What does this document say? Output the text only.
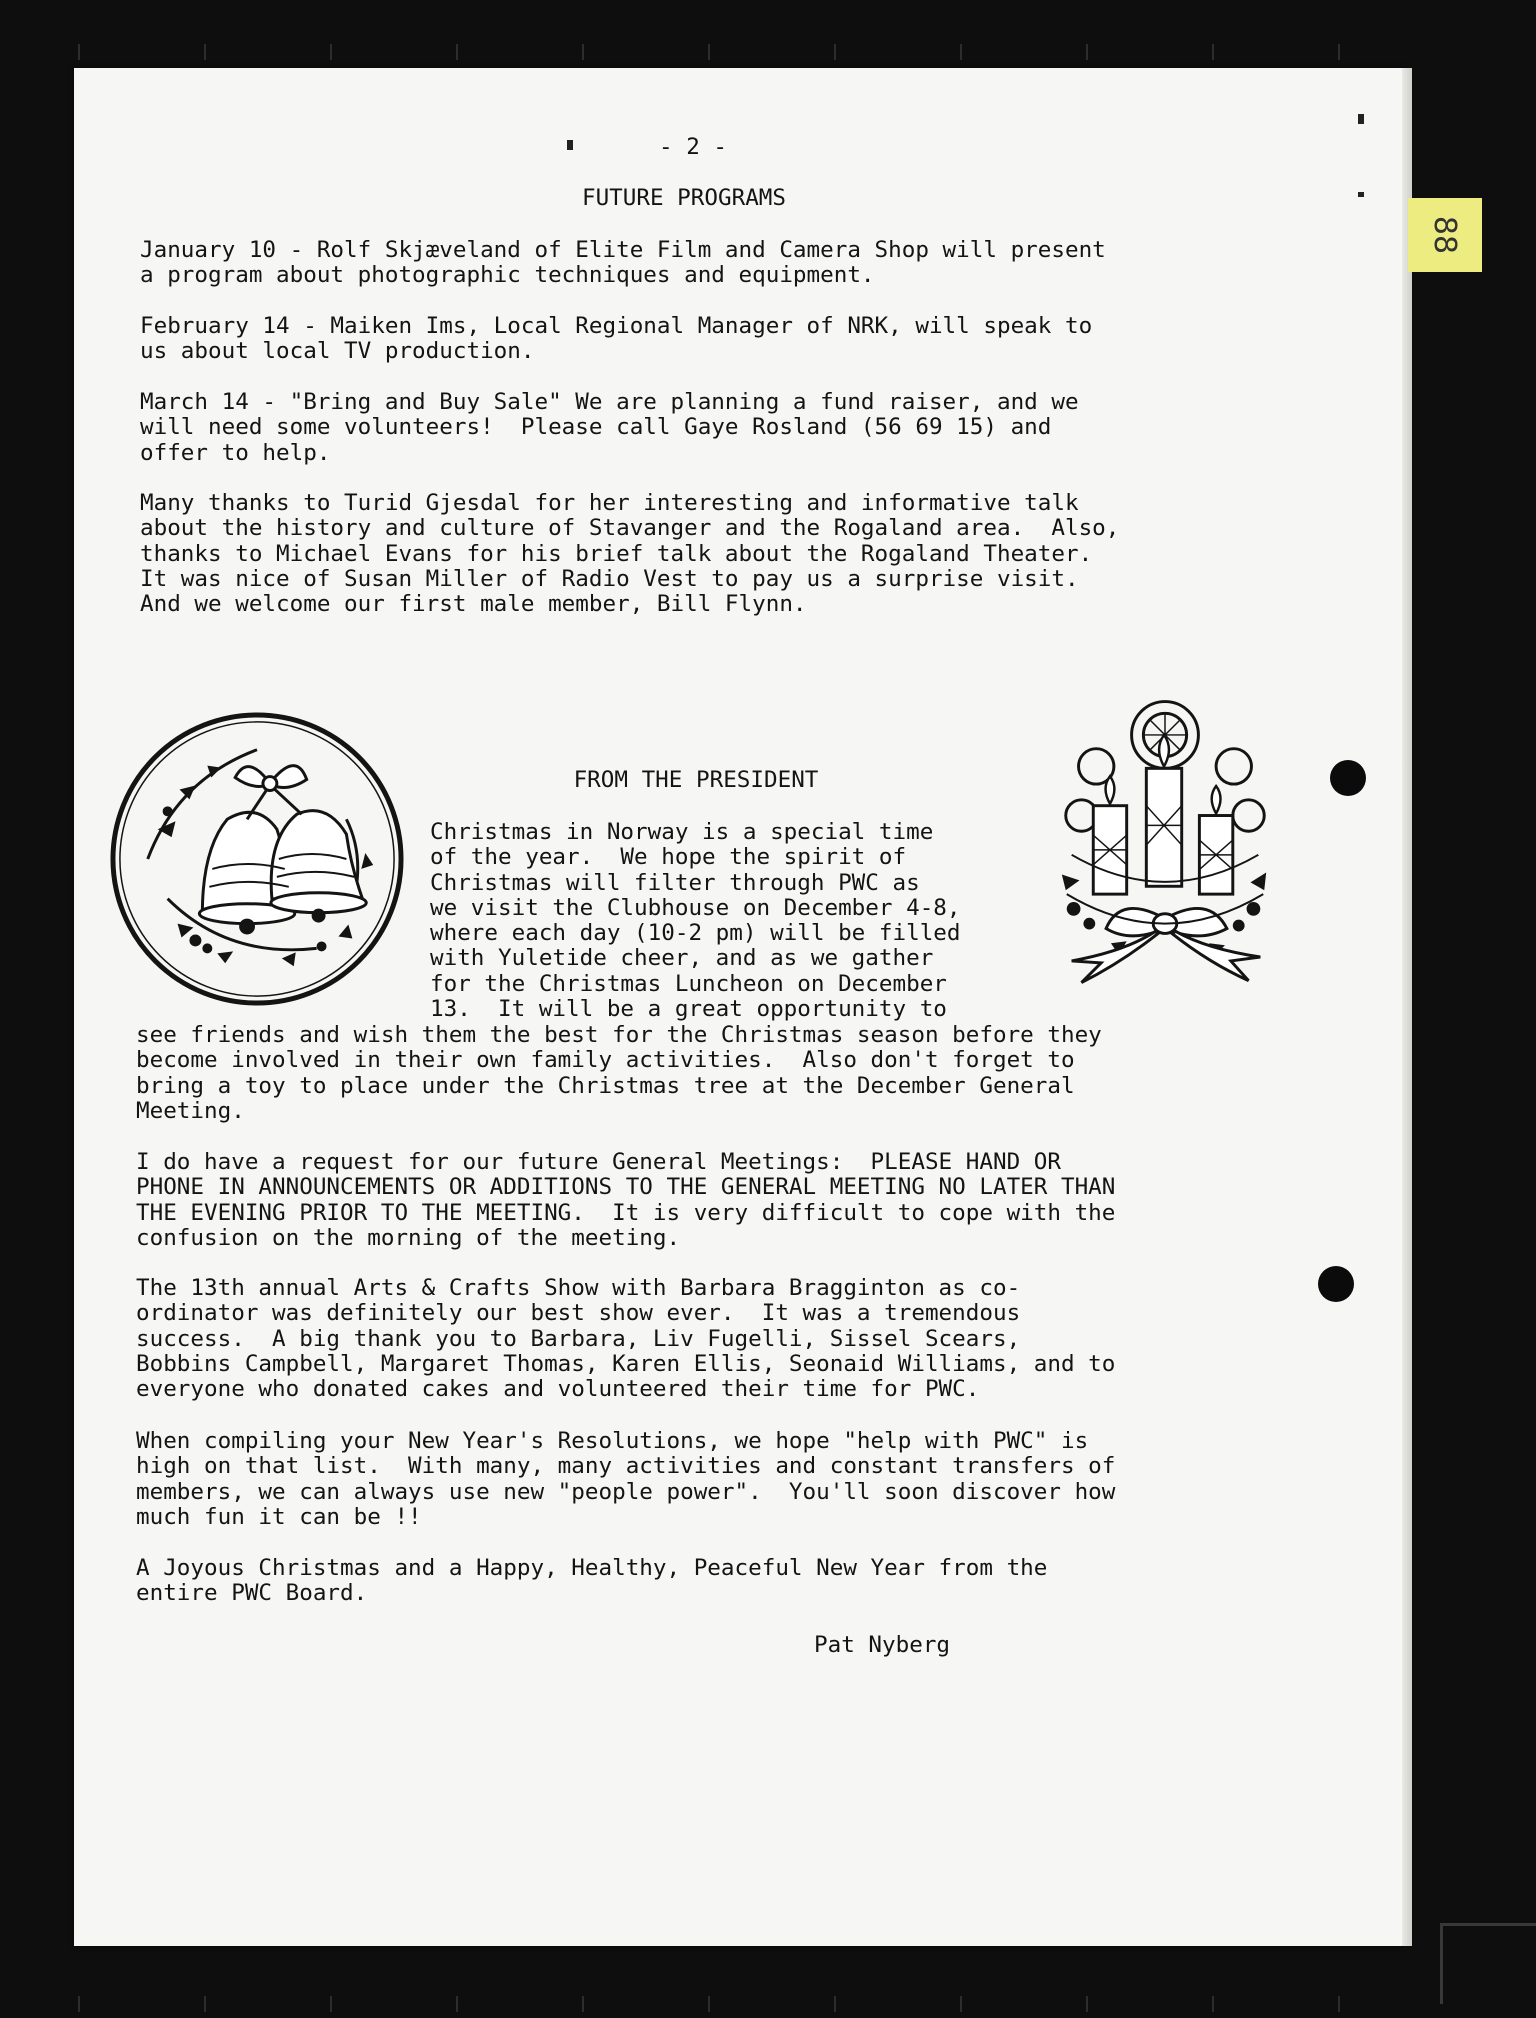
- 2 -

FUTURE PROGRAMS

January 10 - Rolf Skjæveland of Elite Film and Camera Shop will present
a program about photographic techniques and equipment.

February 14 - Maiken Ims, Local Regional Manager of NRK, will speak to
us about local TV production.

March 14 - "Bring and Buy Sale" We are planning a fund raiser, and we
will need some volunteers!  Please call Gaye Rosland (56 69 15) and
offer to help.

Many thanks to Turid Gjesdal for her interesting and informative talk
about the history and culture of Stavanger and the Rogaland area.  Also,
thanks to Michael Evans for his brief talk about the Rogaland Theater.
It was nice of Susan Miller of Radio Vest to pay us a surprise visit.
And we welcome our first male member, Bill Flynn.

FROM THE PRESIDENT

Christmas in Norway is a special time
of the year.  We hope the spirit of
Christmas will filter through PWC as
we visit the Clubhouse on December 4-8,
where each day (10-2 pm) will be filled
with Yuletide cheer, and as we gather
for the Christmas Luncheon on December
13.  It will be a great opportunity to

see friends and wish them the best for the Christmas season before they
become involved in their own family activities.  Also don't forget to
bring a toy to place under the Christmas tree at the December General
Meeting.

I do have a request for our future General Meetings:  PLEASE HAND OR
PHONE IN ANNOUNCEMENTS OR ADDITIONS TO THE GENERAL MEETING NO LATER THAN
THE EVENING PRIOR TO THE MEETING.  It is very difficult to cope with the
confusion on the morning of the meeting.

The 13th annual Arts & Crafts Show with Barbara Bragginton as co-
ordinator was definitely our best show ever.  It was a tremendous
success.  A big thank you to Barbara, Liv Fugelli, Sissel Scears,
Bobbins Campbell, Margaret Thomas, Karen Ellis, Seonaid Williams, and to
everyone who donated cakes and volunteered their time for PWC.

When compiling your New Year's Resolutions, we hope "help with PWC" is
high on that list.  With many, many activities and constant transfers of
members, we can always use new "people power".  You'll soon discover how
much fun it can be !!

A Joyous Christmas and a Happy, Healthy, Peaceful New Year from the
entire PWC Board.

Pat Nyberg

88
